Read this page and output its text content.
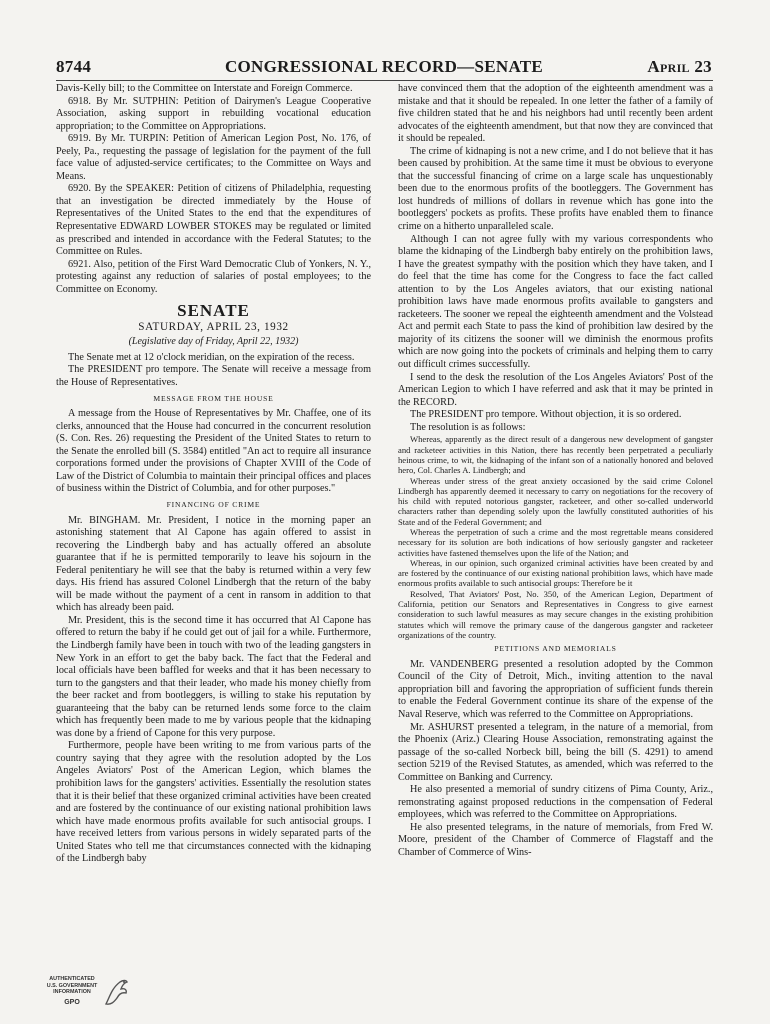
8744	CONGRESSIONAL RECORD—SENATE	April 23

Davis-Kelly bill; to the Committee on Interstate and Foreign Commerce.

6918. By Mr. SUTPHIN: Petition of Dairymen's League Cooperative Association, asking support in rebuilding vocational education appropriation; to the Committee on Appropriations.

6919. By Mr. TURPIN: Petition of American Legion Post, No. 176, of Peely, Pa., requesting the passage of legislation for the payment of the full face value of adjusted-service certificates; to the Committee on Ways and Means.

6920. By the SPEAKER: Petition of citizens of Philadelphia, requesting that an investigation be directed immediately by the House of Representatives of the United States to the end that the expenditures of Representative EDWARD LOWBER STOKES may be regulated or limited as prescribed and intended in accordance with the Federal Statutes; to the Committee on Rules.

6921. Also, petition of the First Ward Democratic Club of Yonkers, N. Y., protesting against any reduction of salaries of postal employees; to the Committee on Economy.

SENATE
SATURDAY, APRIL 23, 1932
(Legislative day of Friday, April 22, 1932)

The Senate met at 12 o'clock meridian, on the expiration of the recess.

The PRESIDENT pro tempore. The Senate will receive a message from the House of Representatives.

MESSAGE FROM THE HOUSE

A message from the House of Representatives by Mr. Chaffee, one of its clerks, announced that the House had concurred in the concurrent resolution (S. Con. Res. 26) requesting the President of the United States to return to the Senate the enrolled bill (S. 3584) entitled "An act to require all insurance corporations formed under the provisions of Chapter XVIII of the Code of Law of the District of Columbia to maintain their principal offices and places of business within the District of Columbia, and for other purposes."

FINANCING OF CRIME

Mr. BINGHAM. Mr. President, I notice in the morning paper an astonishing statement that Al Capone has again offered to assist in recovering the Lindbergh baby and has actually offered an absolute guarantee that if he is permitted temporarily to leave his sojourn in the Federal penitentiary he will see that the baby is returned within a very few days. His friend has assured Colonel Lindbergh that the return of the baby will be made without the payment of a cent in ransom in addition to that which has already been paid.

Mr. President, this is the second time it has occurred that Al Capone has offered to return the baby if he could get out of jail for a while. Furthermore, the Lindbergh family have been in touch with two of the leading gangsters in New York in an effort to get the baby back. The fact that the Federal and local officials have been baffled for weeks and that it has been necessary to turn to the gangsters and that their leader, who made his money chiefly from the beer racket and from bootleggers, is willing to stake his reputation by guaranteeing that the baby can be returned lends some force to the claim which has frequently been made to me by various people that the kidnaping was done by a friend of Capone for this very purpose.

Furthermore, people have been writing to me from various parts of the country saying that they agree with the resolution adopted by the Los Angeles Aviators' Post of the American Legion, which blames the prohibition laws for the gangsters' activities. Essentially the resolution states that it is their belief that these organized criminal activities have been created and are fostered by the continuance of our existing national prohibition laws which have made enormous profits available for such antisocial groups. I have received letters from various persons in widely separated parts of the United States who tell me that circumstances connected with the kidnaping of the Lindbergh baby

have convinced them that the adoption of the eighteenth amendment was a mistake and that it should be repealed. In one letter the father of a family of five children stated that he and his neighbors had until recently been ardent advocates of the eighteenth amendment, but that now they are convinced that it should be repealed.

The crime of kidnaping is not a new crime, and I do not believe that it has been caused by prohibition. At the same time it must be obvious to everyone that the successful financing of crime on a large scale has unquestionably been due to the enormous profits of the bootleggers. The Government has lost hundreds of millions of dollars in revenue which has gone into the bootleggers' pockets as profits. These profits have enabled them to finance crime on a hitherto unparalleled scale.

Although I can not agree fully with my various correspondents who blame the kidnaping of the Lindbergh baby entirely on the prohibition laws, I have the greatest sympathy with the position which they have taken, and I do feel that the time has come for the Congress to face the fact called attention to by the Los Angeles aviators, that our existing national prohibition laws have made enormous profits available to gangsters and racketeers. The sooner we repeal the eighteenth amendment and the Volstead Act and permit each State to pass the kind of prohibition law desired by the majority of its citizens the sooner will we diminish the enormous profits which are now going into the pockets of criminals and helping them to carry out difficult crimes successfully.

I send to the desk the resolution of the Los Angeles Aviators' Post of the American Legion to which I have referred and ask that it may be printed in the RECORD.

The PRESIDENT pro tempore. Without objection, it is so ordered.

The resolution is as follows:

Whereas, apparently as the direct result of a dangerous new development of gangster and racketeer activities in this Nation, there has recently been perpetrated a peculiarly heinous crime, to wit, the kidnaping of the infant son of a nationally honored and beloved hero, Col. Charles A. Lindbergh; and

Whereas under stress of the great anxiety occasioned by the said crime Colonel Lindbergh has apparently deemed it necessary to carry on negotiations for the recovery of his child with reputed notorious gangster, racketeer, and other so-called underworld characters rather than depending solely upon the lawfully constituted authorities of his State and of the Federal Government; and

Whereas the perpetration of such a crime and the most regrettable means considered necessary for its solution are both indications of how seriously gangster and racketeer activities have fastened themselves upon the life of the Nation; and

Whereas, in our opinion, such organized criminal activities have been created by and are fostered by the continuance of our existing national prohibition laws, which have made enormous profits available to such antisocial groups: Therefore be it

Resolved, That Aviators' Post, No. 350, of the American Legion, Department of California, petition our Senators and Representatives in Congress to give earnest consideration to such lawful measures as may secure changes in the existing prohibition statutes which will remove the primary cause of the dangerous gangster and racketeer organizations of the country.

PETITIONS AND MEMORIALS

Mr. VANDENBERG presented a resolution adopted by the Common Council of the City of Detroit, Mich., inviting attention to the naval appropriation bill and favoring the appropriation of sufficient funds therein to enable the Federal Government continue its share of the expense of the Naval Reserve, which was referred to the Committee on Appropriations.

Mr. ASHURST presented a telegram, in the nature of a memorial, from the Phoenix (Ariz.) Clearing House Association, remonstrating against the passage of the so-called Norbeck bill, being the bill (S. 4291) to amend section 5219 of the Revised Statutes, as amended, which was referred to the Committee on Banking and Currency.

He also presented a memorial of sundry citizens of Pima County, Ariz., remonstrating against proposed reductions in the compensation of Federal employees, which was referred to the Committee on Appropriations.

He also presented telegrams, in the nature of memorials, from Fred W. Moore, president of the Chamber of Commerce of Flagstaff and the Chamber of Commerce of Wins-

AUTHENTICATED
U.S. GOVERNMENT
INFORMATION
GPO
